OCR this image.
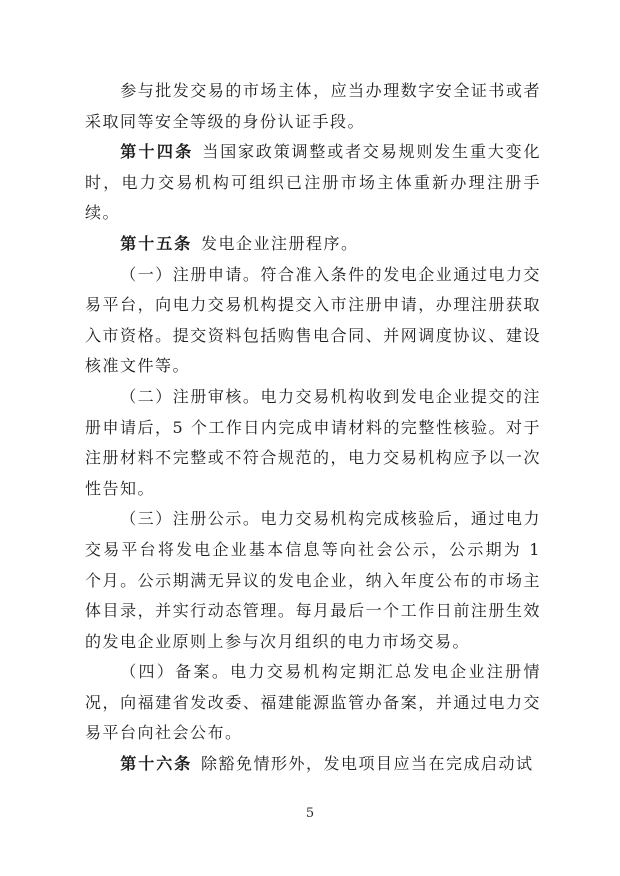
参与批发交易的市场主体，应当办理数字安全证书或者采取同等安全等级的身份认证手段。

第十四条 当国家政策调整或者交易规则发生重大变化时，电力交易机构可组织已注册市场主体重新办理注册手续。

第十五条 发电企业注册程序。

（一）注册申请。符合准入条件的发电企业通过电力交易平台，向电力交易机构提交入市注册申请，办理注册获取入市资格。提交资料包括购售电合同、并网调度协议、建设核准文件等。

（二）注册审核。电力交易机构收到发电企业提交的注册申请后，5 个工作日内完成申请材料的完整性核验。对于注册材料不完整或不符合规范的，电力交易机构应予以一次性告知。

（三）注册公示。电力交易机构完成核验后，通过电力交易平台将发电企业基本信息等向社会公示，公示期为 1 个月。公示期满无异议的发电企业，纳入年度公布的市场主体目录，并实行动态管理。每月最后一个工作日前注册生效的发电企业原则上参与次月组织的电力市场交易。

（四）备案。电力交易机构定期汇总发电企业注册情况，向福建省发改委、福建能源监管办备案，并通过电力交易平台向社会公布。

第十六条 除豁免情形外，发电项目应当在完成启动试

5
